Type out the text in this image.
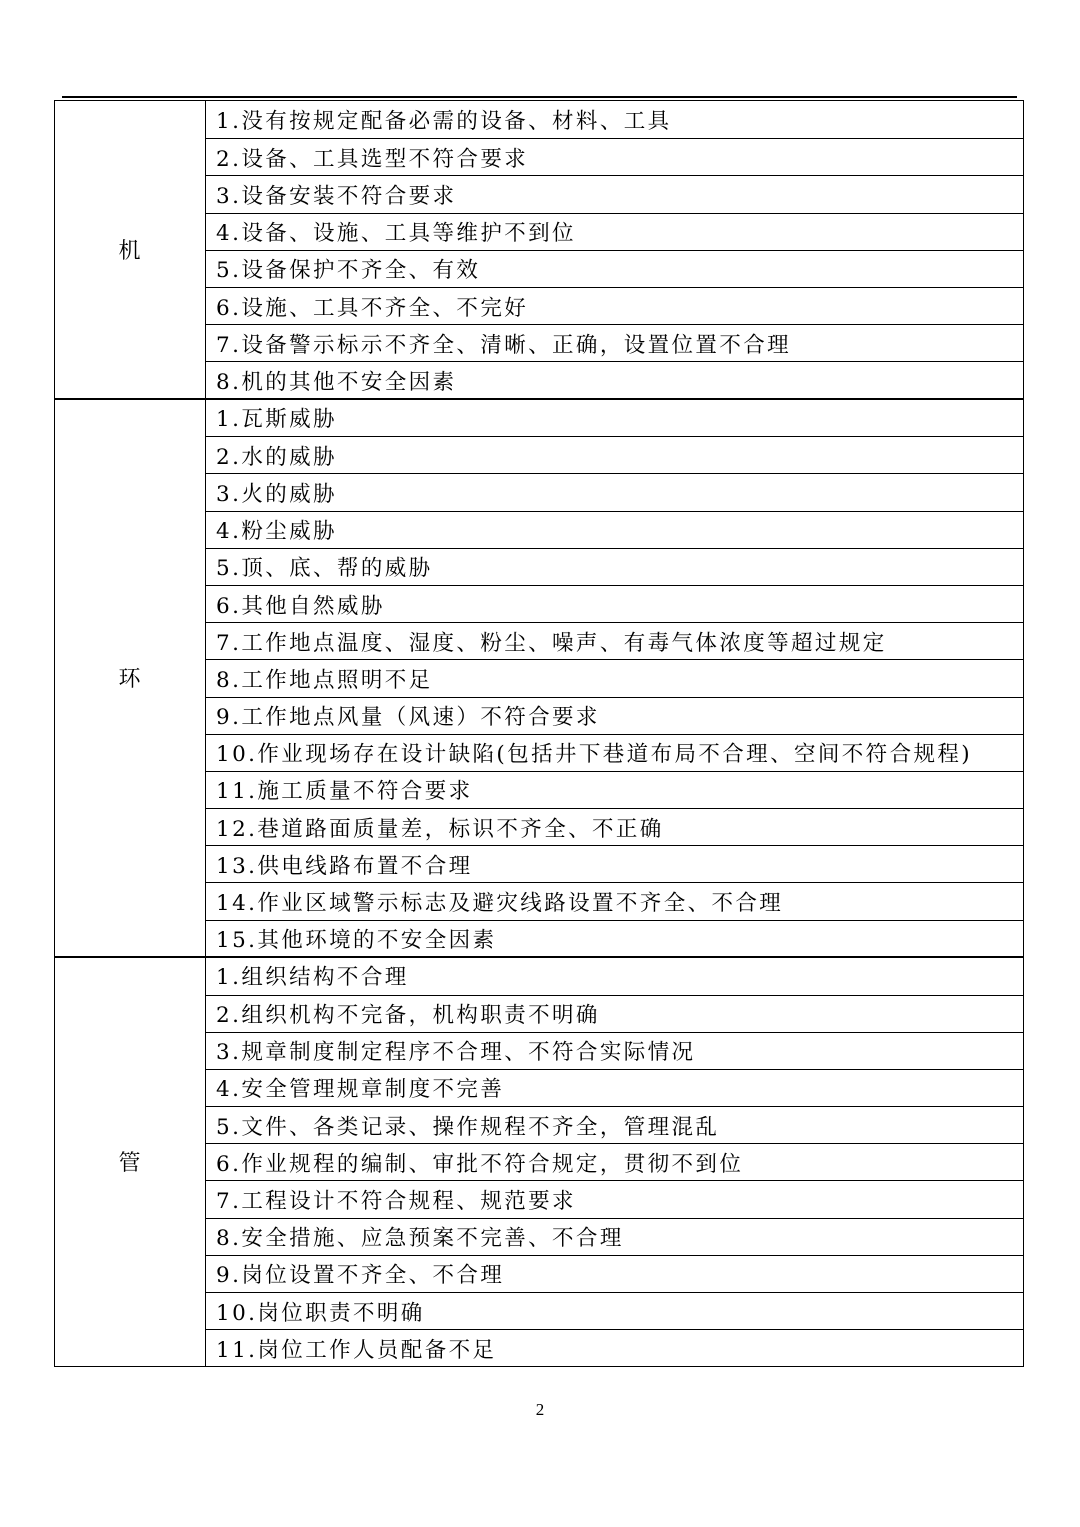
机
1.没有按规定配备必需的设备、材料、工具
2.设备、工具选型不符合要求
3.设备安装不符合要求
4.设备、设施、工具等维护不到位
5.设备保护不齐全、有效
6.设施、工具不齐全、不完好
7.设备警示标示不齐全、清晰、正确，设置位置不合理
8.机的其他不安全因素
环
1.瓦斯威胁
2.水的威胁
3.火的威胁
4.粉尘威胁
5.顶、底、帮的威胁
6.其他自然威胁
7.工作地点温度、湿度、粉尘、噪声、有毒气体浓度等超过规定
8.工作地点照明不足
9.工作地点风量（风速）不符合要求
10.作业现场存在设计缺陷(包括井下巷道布局不合理、空间不符合规程)
11.施工质量不符合要求
12.巷道路面质量差，标识不齐全、不正确
13.供电线路布置不合理
14.作业区域警示标志及避灾线路设置不齐全、不合理
15.其他环境的不安全因素
管
1.组织结构不合理
2.组织机构不完备，机构职责不明确
3.规章制度制定程序不合理、不符合实际情况
4.安全管理规章制度不完善
5.文件、各类记录、操作规程不齐全，管理混乱
6.作业规程的编制、审批不符合规定，贯彻不到位
7.工程设计不符合规程、规范要求
8.安全措施、应急预案不完善、不合理
9.岗位设置不齐全、不合理
10.岗位职责不明确
11.岗位工作人员配备不足
2
